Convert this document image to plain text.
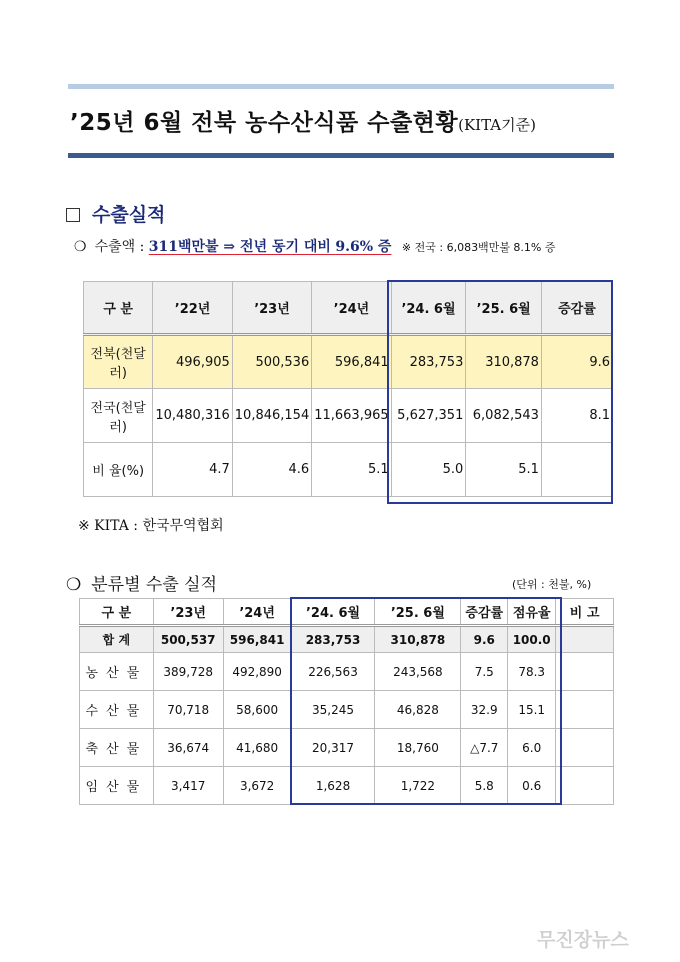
’25년 6월 전북 농수산식품 수출현황(KITA기준)
수출실적
❍ 수출액 : 311백만불 ⇒ 전년 동기 대비 9.6% 증 ※ 전국 : 6,083백만불 8.1% 증
구 분	’22년	’23년	’24년	’24. 6월	’25. 6월	증감률
전북(천달러)	496,905	500,536	596,841	283,753	310,878	9.6
전국(천달러)	10,480,316	10,846,154	11,663,965	5,627,351	6,082,543	8.1
비 율(%)	4.7	4.6	5.1	5.0	5.1	
※ KITA : 한국무역협회
❍ 분류별 수출 실적	(단위 : 천불, %)
구 분	’23년	’24년	’24. 6월	’25. 6월	증감률	점유율	비 고
합 계	500,537	596,841	283,753	310,878	9.6	100.0	
농산물	389,728	492,890	226,563	243,568	7.5	78.3	
수산물	70,718	58,600	35,245	46,828	32.9	15.1	
축산물	36,674	41,680	20,317	18,760	△7.7	6.0	
임산물	3,417	3,672	1,628	1,722	5.8	0.6	
무진장뉴스
